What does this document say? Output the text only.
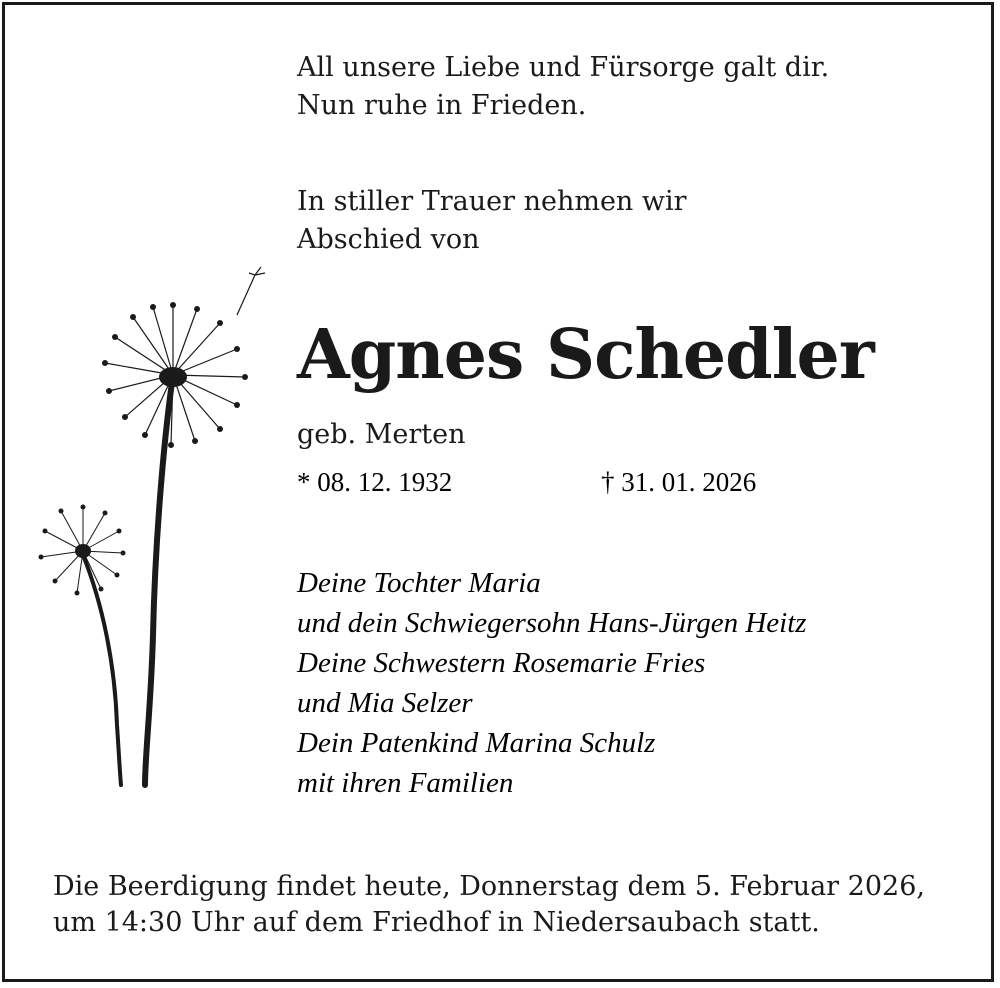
All unsere Liebe und Fürsorge galt dir.
Nun ruhe in Frieden.
In stiller Trauer nehmen wir
Abschied von
Agnes Schedler
geb. Merten
* 08. 12. 1932	† 31. 01. 2026
Deine Tochter Maria
und dein Schwiegersohn Hans-Jürgen Heitz
Deine Schwestern Rosemarie Fries
und Mia Selzer
Dein Patenkind Marina Schulz
mit ihren Familien
Die Beerdigung findet heute, Donnerstag dem 5. Februar 2026,
um 14:30 Uhr auf dem Friedhof in Niedersaubach statt.
